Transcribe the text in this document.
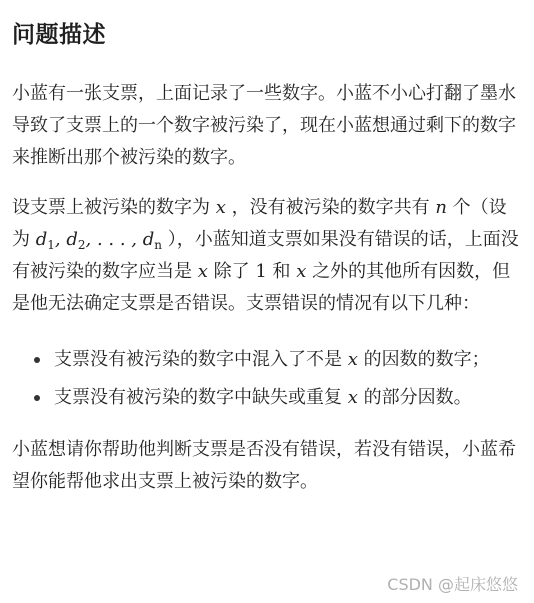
问题描述

小蓝有一张支票，上面记录了一些数字。小蓝不小心打翻了墨水导致了支票上的一个数字被污染了，现在小蓝想通过剩下的数字来推断出那个被污染的数字。

设支票上被污染的数字为 x ，没有被污染的数字共有 n 个（设为 $d_1$, $d_2$, . . . , $d_n$ ），小蓝知道支票如果没有错误的话，上面没有被污染的数字应当是 x 除了 1 和 x 之外的其他所有因数，但是他无法确定支票是否错误。支票错误的情况有以下几种：

支票没有被污染的数字中混入了不是 x 的因数的数字；
支票没有被污染的数字中缺失或重复 x 的部分因数。

小蓝想请你帮助他判断支票是否没有错误，若没有错误，小蓝希望你能帮他求出支票上被污染的数字。

CSDN @起床悠悠
